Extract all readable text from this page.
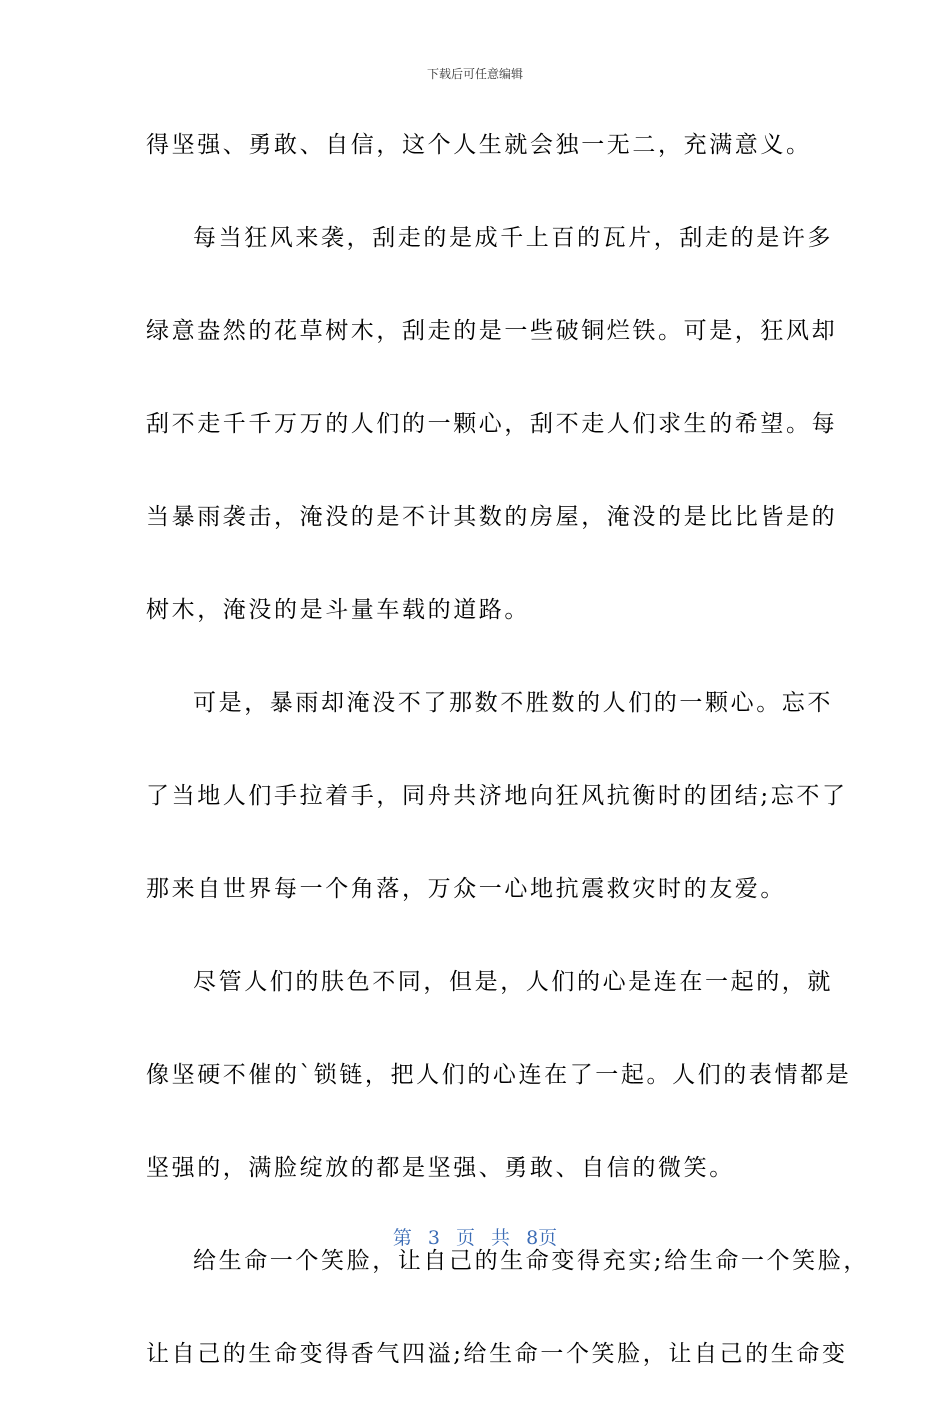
下载后可任意编辑
得坚强、勇敢、自信，这个人生就会独一无二，充满意义。
每当狂风来袭，刮走的是成千上百的瓦片，刮走的是许多
绿意盎然的花草树木，刮走的是一些破铜烂铁。可是，狂风却
刮不走千千万万的人们的一颗心，刮不走人们求生的希望。每
当暴雨袭击，淹没的是不计其数的房屋，淹没的是比比皆是的
树木，淹没的是斗量车载的道路。
可是，暴雨却淹没不了那数不胜数的人们的一颗心。忘不
了当地人们手拉着手，同舟共济地向狂风抗衡时的团结;忘不了
那来自世界每一个角落，万众一心地抗震救灾时的友爱。
尽管人们的肤色不同，但是，人们的心是连在一起的，就
像坚硬不催的`锁链，把人们的心连在了一起。人们的表情都是
坚强的，满脸绽放的都是坚强、勇敢、自信的微笑。
给生命一个笑脸，让自己的生命变得充实;给生命一个笑脸，
让自己的生命变得香气四溢;给生命一个笑脸，让自己的生命变
第 3 页 共 8页
